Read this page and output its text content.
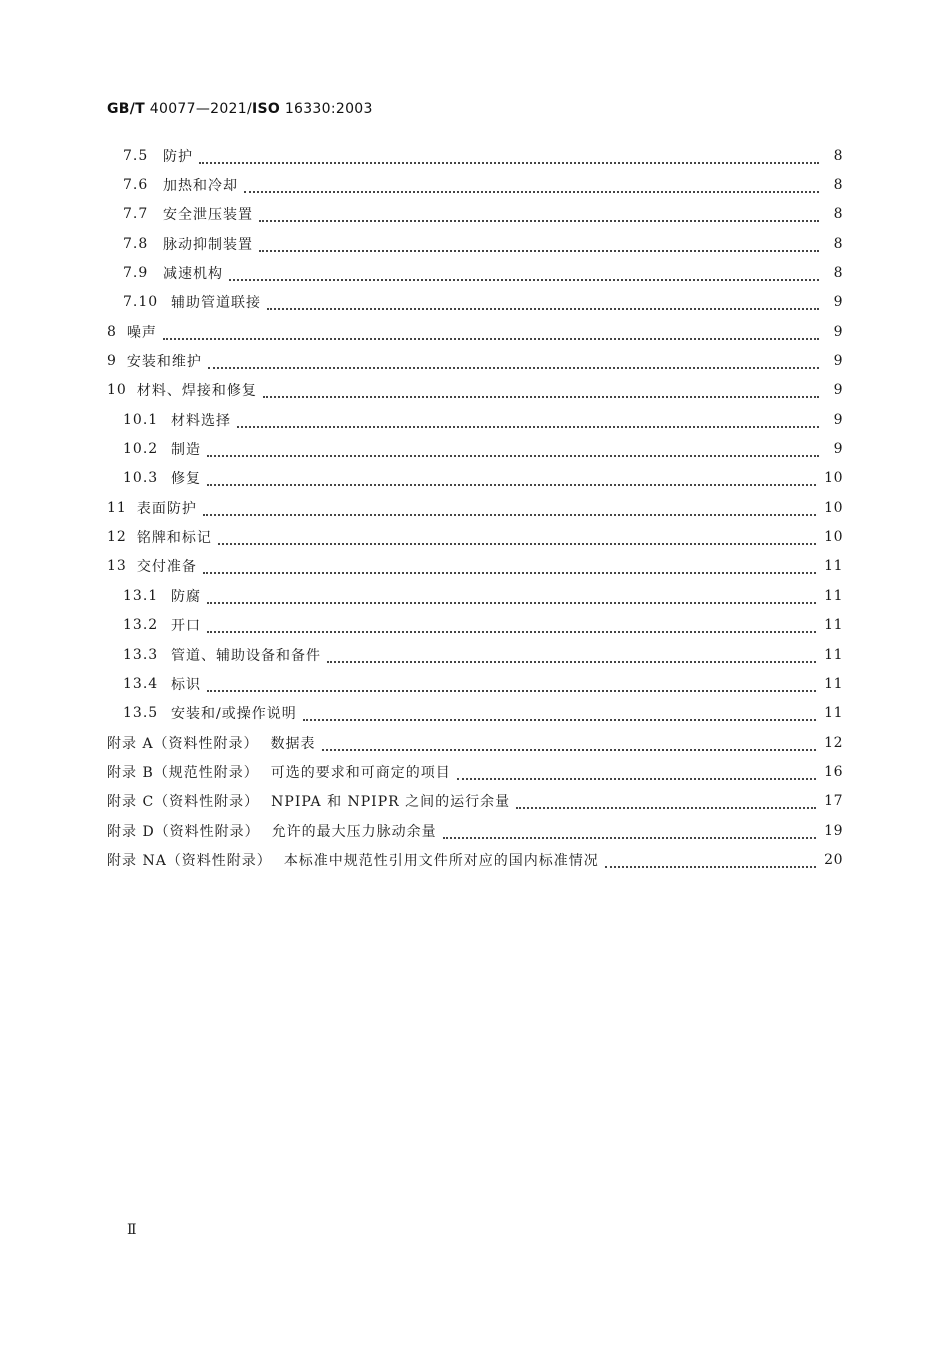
GB/T 40077—2021/ISO 16330:2003
7.5	防护	8
7.6	加热和冷却	8
7.7	安全泄压装置	8
7.8	脉动抑制装置	8
7.9	减速机构	8
7.10 辅助管道联接	9
8 噪声	9
9 安装和维护	9
10 材料、焊接和修复	9
10.1 材料选择	9
10.2 制造	9
10.3 修复	10
11 表面防护	10
12 铭牌和标记	10
13 交付准备	11
13.1 防腐	11
13.2 开口	11
13.3 管道、辅助设备和备件	11
13.4 标识	11
13.5 安装和/或操作说明	11
附录 A（资料性附录） 数据表	12
附录 B（规范性附录） 可选的要求和可商定的项目	16
附录 C（资料性附录） NPIPA 和 NPIPR 之间的运行余量	17
附录 D（资料性附录） 允许的最大压力脉动余量	19
附录 NA（资料性附录） 本标准中规范性引用文件所对应的国内标准情况	20
Ⅱ
